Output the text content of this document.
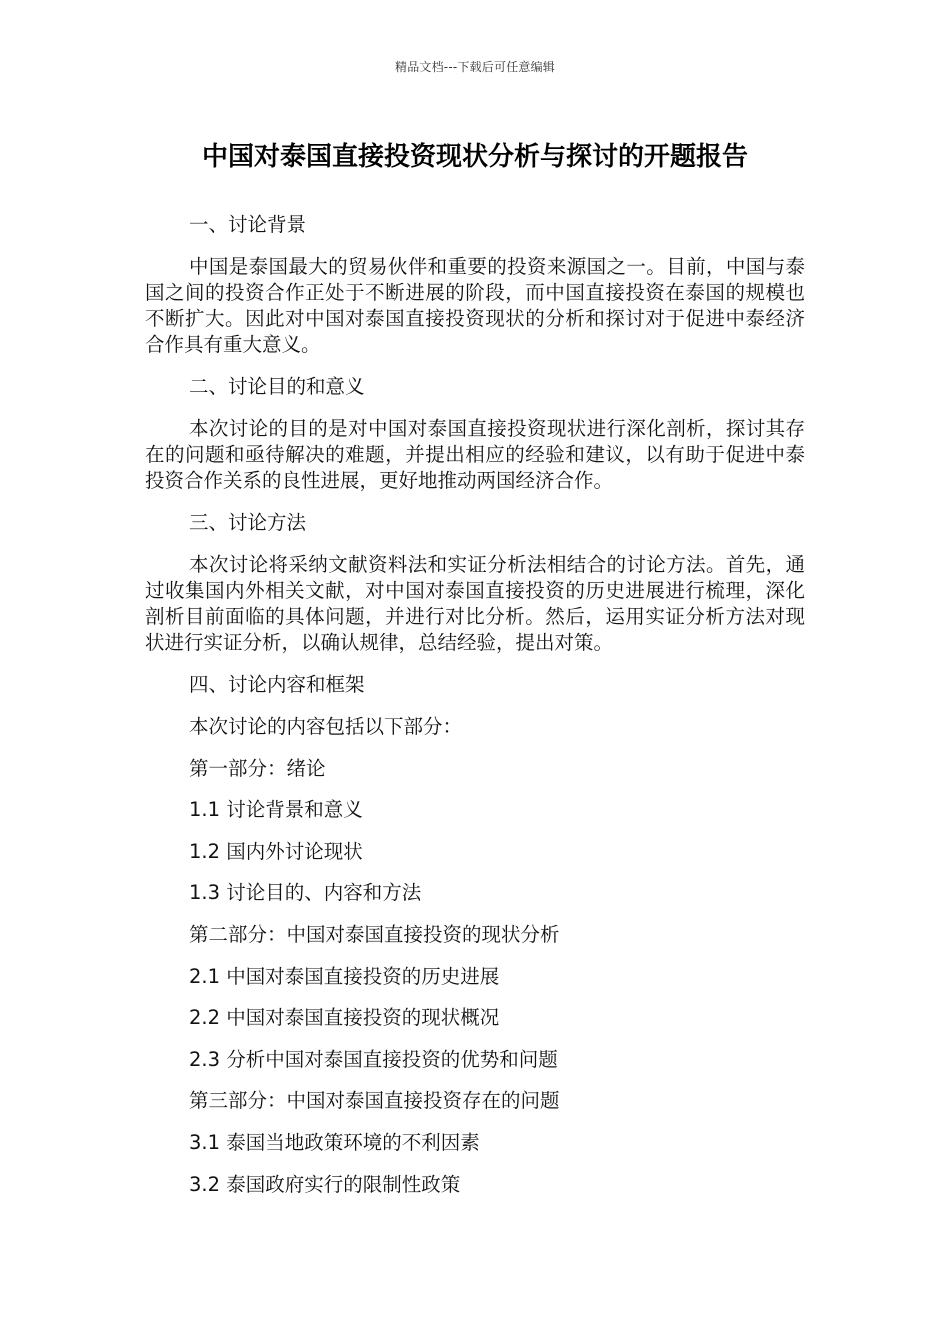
精品文档---下载后可任意编辑
中国对泰国直接投资现状分析与探讨的开题报告

一、讨论背景

中国是泰国最大的贸易伙伴和重要的投资来源国之一。目前，中国与泰国之间的投资合作正处于不断进展的阶段，而中国直接投资在泰国的规模也不断扩大。因此对中国对泰国直接投资现状的分析和探讨对于促进中泰经济合作具有重大意义。

二、讨论目的和意义

本次讨论的目的是对中国对泰国直接投资现状进行深化剖析，探讨其存在的问题和亟待解决的难题，并提出相应的经验和建议，以有助于促进中泰投资合作关系的良性进展，更好地推动两国经济合作。

三、讨论方法

本次讨论将采纳文献资料法和实证分析法相结合的讨论方法。首先，通过收集国内外相关文献，对中国对泰国直接投资的历史进展进行梳理，深化剖析目前面临的具体问题，并进行对比分析。然后，运用实证分析方法对现状进行实证分析，以确认规律，总结经验，提出对策。

四、讨论内容和框架

本次讨论的内容包括以下部分：

第一部分：绪论

1.1 讨论背景和意义

1.2 国内外讨论现状

1.3 讨论目的、内容和方法

第二部分：中国对泰国直接投资的现状分析

2.1 中国对泰国直接投资的历史进展

2.2 中国对泰国直接投资的现状概况

2.3 分析中国对泰国直接投资的优势和问题

第三部分：中国对泰国直接投资存在的问题

3.1 泰国当地政策环境的不利因素

3.2 泰国政府实行的限制性政策
